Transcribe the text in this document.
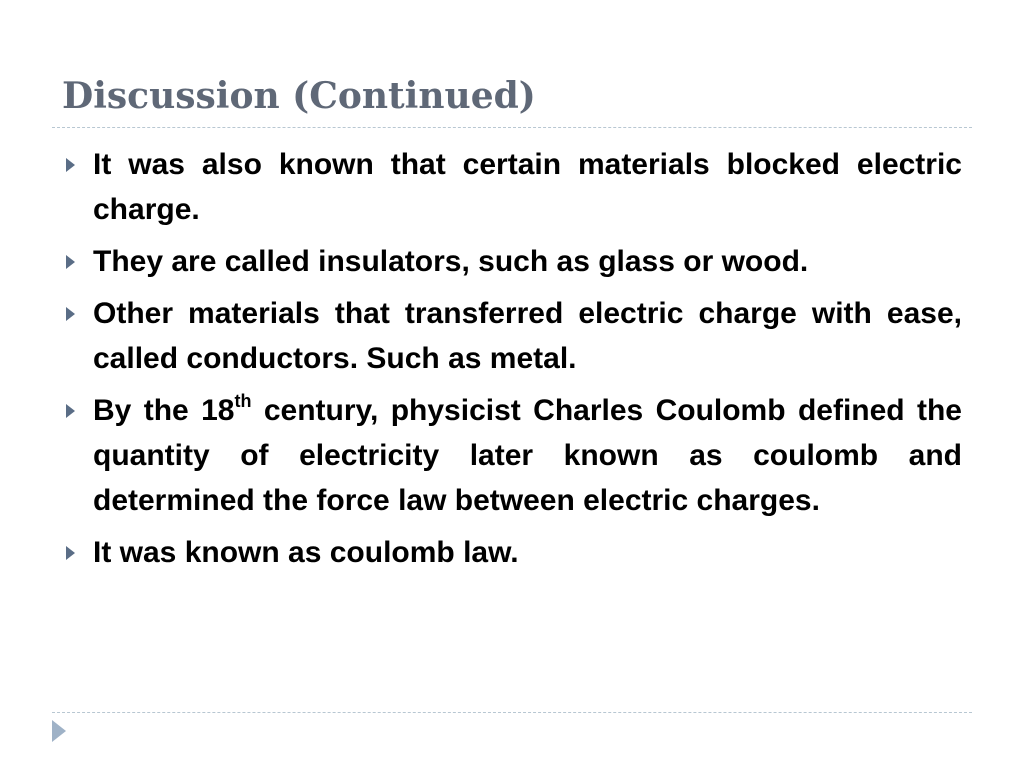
Discussion (Continued)
It was also known that certain materials blocked electric charge.
They are called insulators, such as glass or wood.
Other materials that transferred electric charge with ease, called conductors. Such as metal.
By the 18th century, physicist Charles Coulomb defined the quantity of electricity later known as coulomb and determined the force law between electric charges.
It was known as coulomb law.
